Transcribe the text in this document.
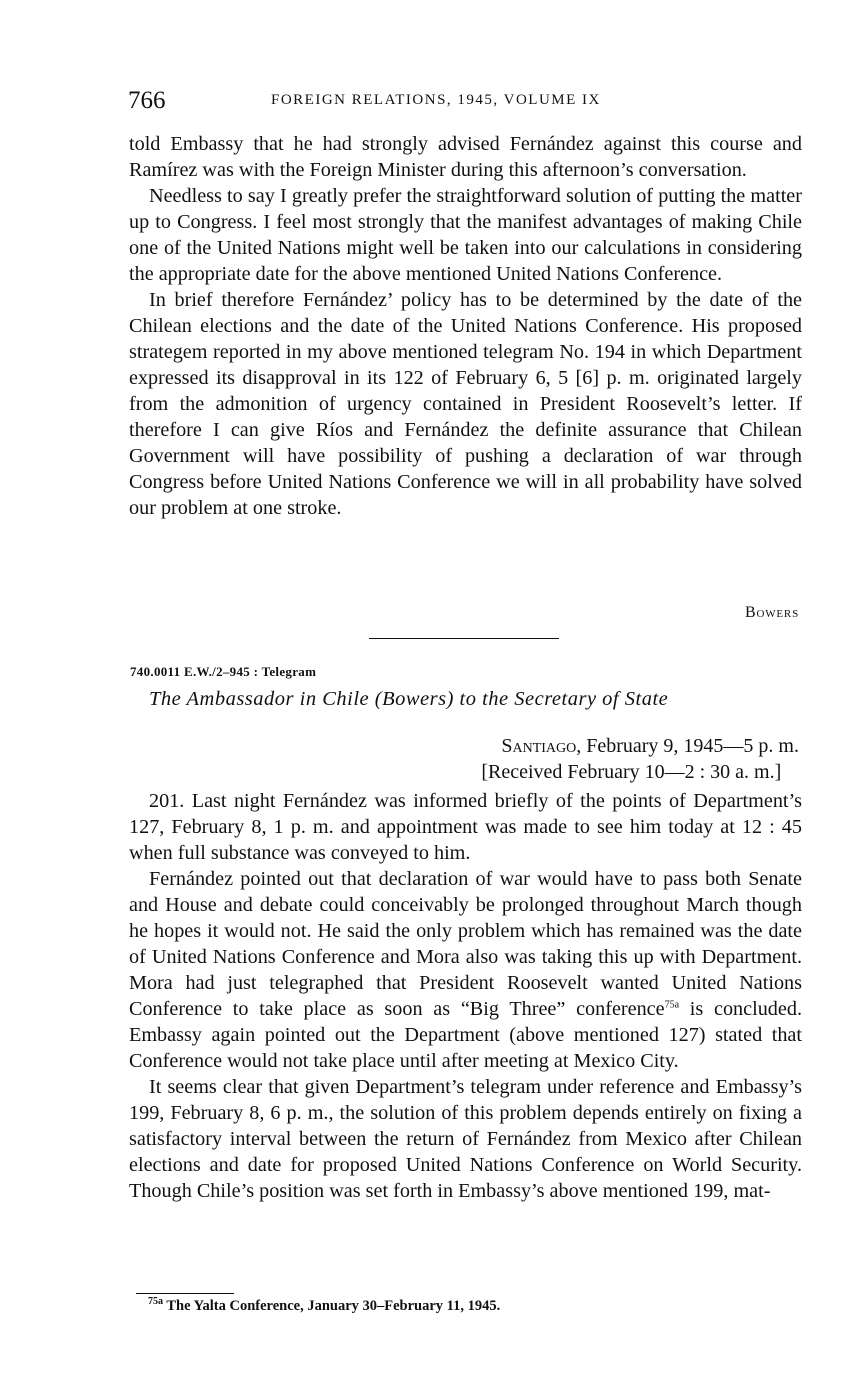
766	FOREIGN RELATIONS, 1945, VOLUME IX

told Embassy that he had strongly advised Fernández against this course and Ramírez was with the Foreign Minister during this afternoon’s conversation.

Needless to say I greatly prefer the straightforward solution of putting the matter up to Congress. I feel most strongly that the manifest advantages of making Chile one of the United Nations might well be taken into our calculations in considering the appropriate date for the above mentioned United Nations Conference.

In brief therefore Fernández’ policy has to be determined by the date of the Chilean elections and the date of the United Nations Conference. His proposed strategem reported in my above mentioned telegram No. 194 in which Department expressed its disapproval in its 122 of February 6, 5 [6] p. m. originated largely from the admonition of urgency contained in President Roosevelt’s letter. If therefore I can give Ríos and Fernández the definite assurance that Chilean Government will have possibility of pushing a declaration of war through Congress before United Nations Conference we will in all probability have solved our problem at one stroke.

Bowers
740.0011 E.W./2–945 : Telegram
The Ambassador in Chile (Bowers) to the Secretary of State
Santiago, February 9, 1945—5 p. m.
[Received February 10—2 : 30 a. m.]

201. Last night Fernández was informed briefly of the points of Department’s 127, February 8, 1 p. m. and appointment was made to see him today at 12 : 45 when full substance was conveyed to him.

Fernández pointed out that declaration of war would have to pass both Senate and House and debate could conceivably be prolonged throughout March though he hopes it would not. He said the only problem which has remained was the date of United Nations Conference and Mora also was taking this up with Department. Mora had just telegraphed that President Roosevelt wanted United Nations Conference to take place as soon as “Big Three” conference$^{75a}$ is concluded. Embassy again pointed out the Department (above mentioned 127) stated that Conference would not take place until after meeting at Mexico City.

It seems clear that given Department’s telegram under reference and Embassy’s 199, February 8, 6 p. m., the solution of this problem depends entirely on fixing a satisfactory interval between the return of Fernández from Mexico after Chilean elections and date for proposed United Nations Conference on World Security. Though Chile’s position was set forth in Embassy’s above mentioned 199, mat-

$^{75a}$ The Yalta Conference, January 30–February 11, 1945.
